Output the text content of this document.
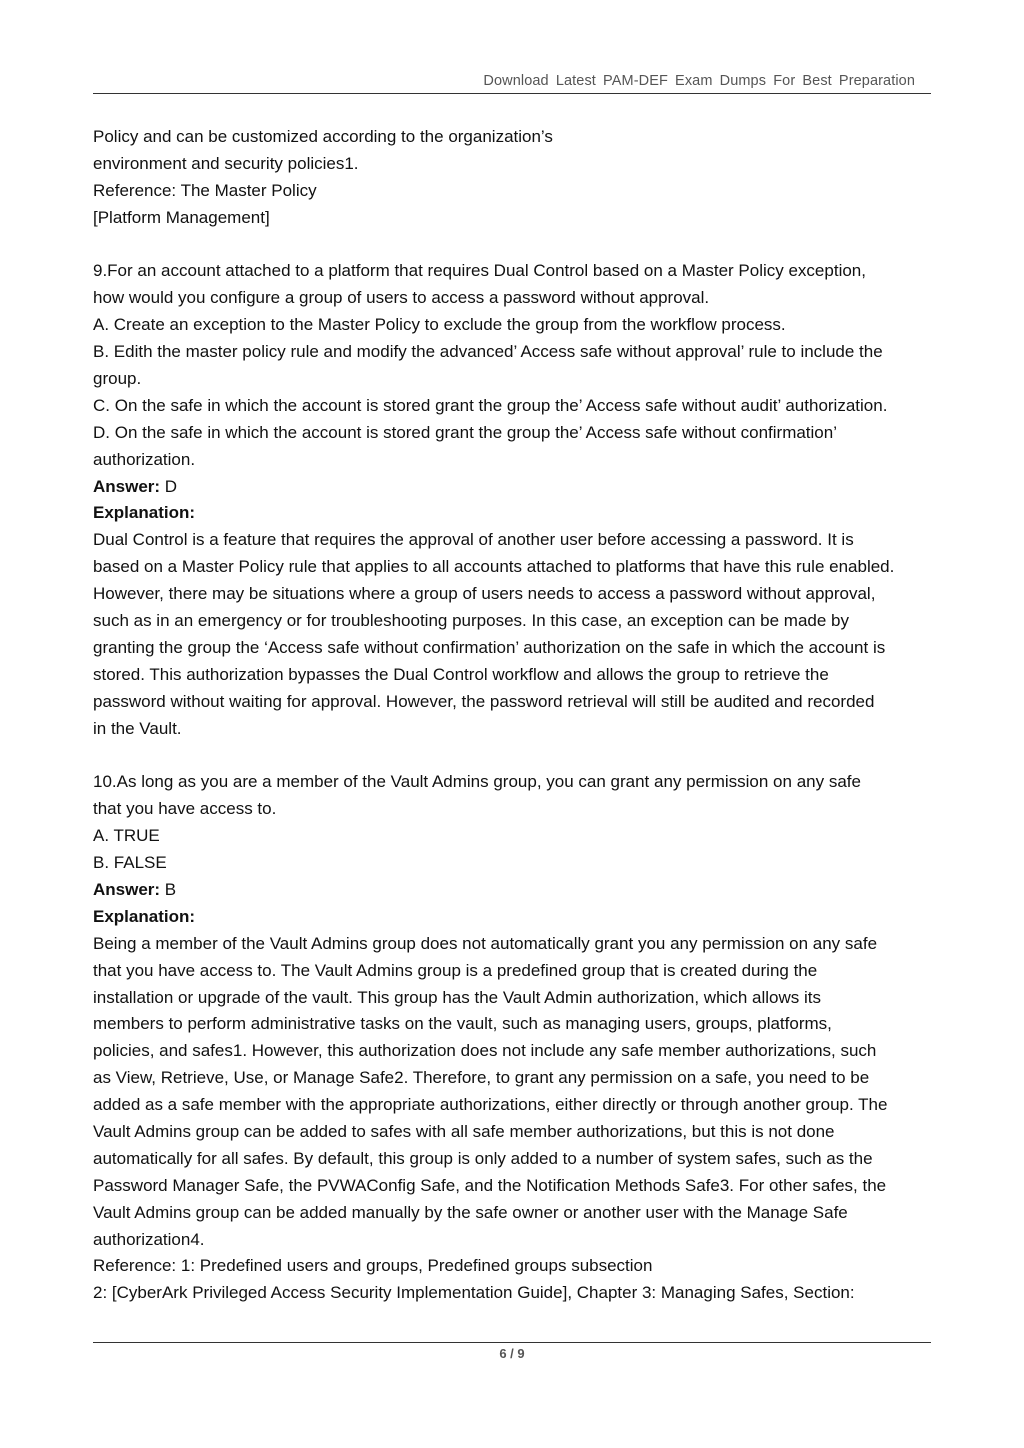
Download Latest PAM-DEF Exam Dumps For Best Preparation
Policy and can be customized according to the organization’s
environment and security policies1.
Reference: The Master Policy
[Platform Management]
9.For an account attached to a platform that requires Dual Control based on a Master Policy exception,
how would you configure a group of users to access a password without approval.
A. Create an exception to the Master Policy to exclude the group from the workflow process.
B. Edith the master policy rule and modify the advanced’ Access safe without approval’ rule to include the
group.
C. On the safe in which the account is stored grant the group the’ Access safe without audit’ authorization.
D. On the safe in which the account is stored grant the group the’ Access safe without confirmation’
authorization.
Answer: D
Explanation:
Dual Control is a feature that requires the approval of another user before accessing a password. It is
based on a Master Policy rule that applies to all accounts attached to platforms that have this rule enabled.
However, there may be situations where a group of users needs to access a password without approval,
such as in an emergency or for troubleshooting purposes. In this case, an exception can be made by
granting the group the ‘Access safe without confirmation’ authorization on the safe in which the account is
stored. This authorization bypasses the Dual Control workflow and allows the group to retrieve the
password without waiting for approval. However, the password retrieval will still be audited and recorded
in the Vault.
10.As long as you are a member of the Vault Admins group, you can grant any permission on any safe
that you have access to.
A. TRUE
B. FALSE
Answer: B
Explanation:
Being a member of the Vault Admins group does not automatically grant you any permission on any safe
that you have access to. The Vault Admins group is a predefined group that is created during the
installation or upgrade of the vault. This group has the Vault Admin authorization, which allows its
members to perform administrative tasks on the vault, such as managing users, groups, platforms,
policies, and safes1. However, this authorization does not include any safe member authorizations, such
as View, Retrieve, Use, or Manage Safe2. Therefore, to grant any permission on a safe, you need to be
added as a safe member with the appropriate authorizations, either directly or through another group. The
Vault Admins group can be added to safes with all safe member authorizations, but this is not done
automatically for all safes. By default, this group is only added to a number of system safes, such as the
Password Manager Safe, the PVWAConfig Safe, and the Notification Methods Safe3. For other safes, the
Vault Admins group can be added manually by the safe owner or another user with the Manage Safe
authorization4.
Reference: 1: Predefined users and groups, Predefined groups subsection
2: [CyberArk Privileged Access Security Implementation Guide], Chapter 3: Managing Safes, Section:
6 / 9
